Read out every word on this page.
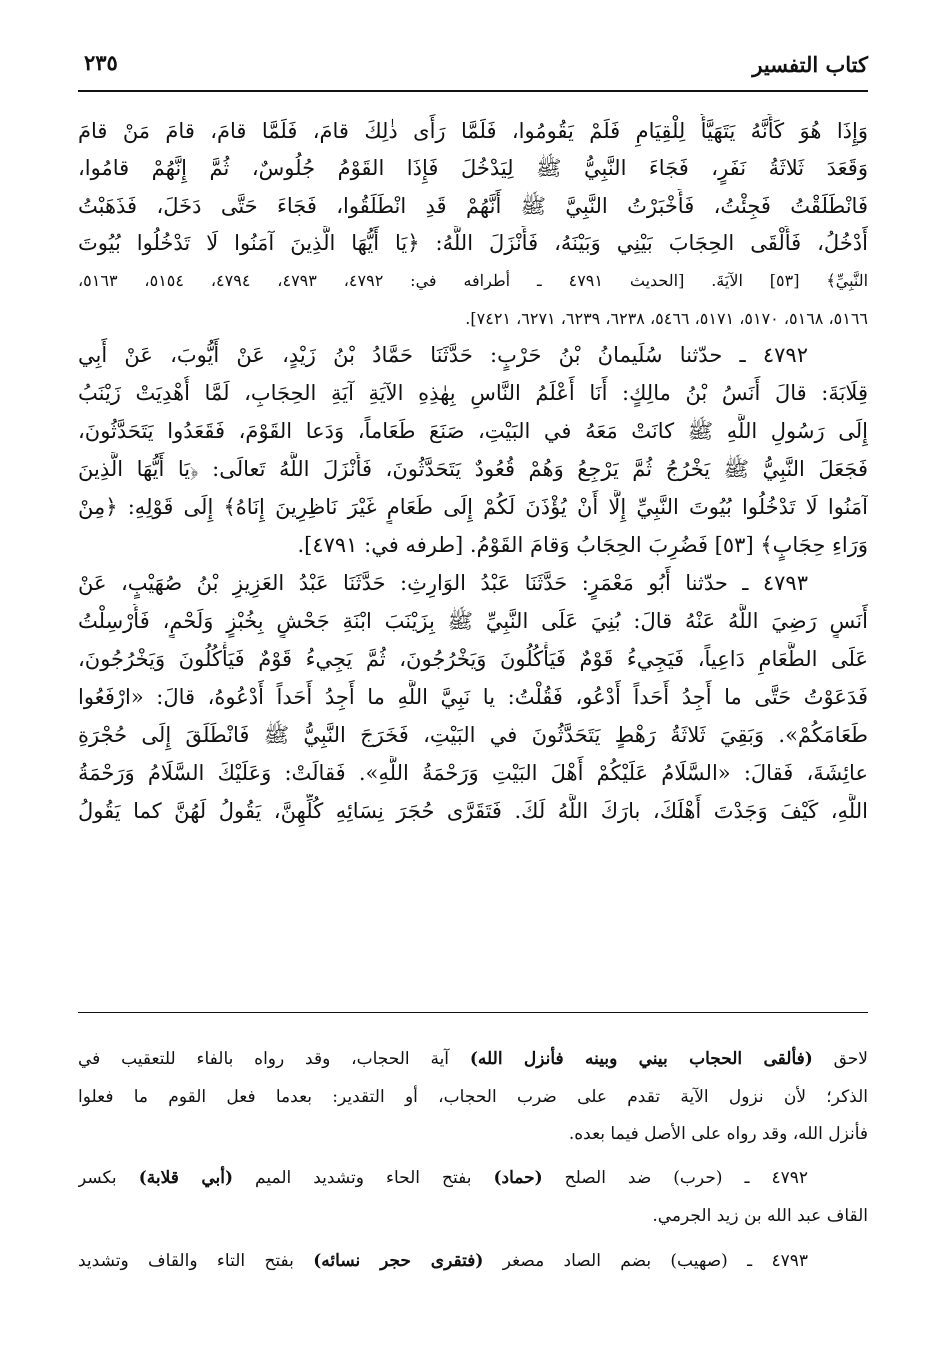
كتاب التفسير
٢٣٥
وَإِذَا هُوَ كَأَنَّهُ يَتَهَيَّأُ لِلْقِيَامِ فَلَمْ يَقُومُوا، فَلَمَّا رَأَى ذٰلِكَ قامَ، فَلَمَّا قامَ، قامَ مَنْ قامَ
وَقَعَدَ ثَلاثَةُ نَفَرٍ، فَجَاءَ النَّبِيُّ ﷺ لِيَدْخُلَ فَإِذَا القَوْمُ جُلُوسٌ، ثُمَّ إِنَّهُمْ قامُوا،
فَانْطَلَقْتُ فَجِئْتُ، فَأَخْبَرْتُ النَّبِيَّ ﷺ أَنَّهُمْ قَدِ انْطَلَقُوا، فَجَاءَ حَتَّى دَخَلَ، فَذَهَبْتُ
أَدْخُلُ، فَأَلْقَى الحِجَابَ بَيْنِي وَبَيْنَهُ، فَأَنْزَلَ اللَّهُ: ﴿يَا أَيُّهَا الَّذِينَ آمَنُوا لَا تَدْخُلُوا بُيُوتَ
النَّبِيِّ﴾ [٥٣] الآيَةَ. [الحديث ٤٧٩١ ـ أطرافه في: ٤٧٩٢، ٤٧٩٣، ٤٧٩٤، ٥١٥٤، ٥١٦٣،
٥١٦٦، ٥١٦٨، ٥١٧٠، ٥١٧١، ٥٤٦٦، ٦٢٣٨، ٦٢٣٩، ٦٢٧١، ٧٤٢١].
٤٧٩٢ ـ حدّثنا سُلَيمانُ بْنُ حَرْبٍ: حَدَّثَنَا حَمَّادُ بْنُ زَيْدٍ، عَنْ أَيُّوبَ، عَنْ أَبِي
قِلَابَةَ: قالَ أَنَسُ بْنُ مالِكٍ: أَنَا أَعْلَمُ النَّاسِ بِهٰذِهِ الآيَةِ آيَةِ الحِجَابِ، لَمَّا أُهْدِيَتْ زَيْنَبُ
إِلَى رَسُولِ اللَّهِ ﷺ كانَتْ مَعَهُ في البَيْتِ، صَنَعَ طَعَاماً، وَدَعا القَوْمَ، فَقَعَدُوا يَتَحَدَّثُونَ،
فَجَعَلَ النَّبِيُّ ﷺ يَخْرُجُ ثُمَّ يَرْجِعُ وَهُمْ قُعُودٌ يَتَحَدَّثُونَ، فَأَنْزَلَ اللَّهُ تَعالَى: ﴿يَا أَيُّهَا الَّذِينَ
آمَنُوا لَا تَدْخُلُوا بُيُوتَ النَّبِيِّ إِلَّا أَنْ يُؤْذَنَ لَكُمْ إِلَى طَعَامٍ غَيْرَ نَاظِرِينَ إِنَاهُ﴾ إِلَى قَوْلِهِ: ﴿مِنْ
وَرَاءِ حِجَابٍ﴾ [٥٣] فَضُرِبَ الحِجَابُ وَقامَ القَوْمُ. [طرفه في: ٤٧٩١].
٤٧٩٣ ـ حدّثنا أَبُو مَعْمَرٍ: حَدَّثَنَا عَبْدُ الوَارِثِ: حَدَّثَنَا عَبْدُ العَزِيزِ بْنُ صُهَيْبٍ، عَنْ
أَنَسٍ رَضِيَ اللَّهُ عَنْهُ قالَ: بُنِيَ عَلَى النَّبِيِّ ﷺ بِزَيْنَبَ ابْنَةِ جَحْشٍ بِخُبْزٍ وَلَحْمٍ، فَأُرْسِلْتُ
عَلَى الطَّعَامِ دَاعِياً، فَيَجِيءُ قَوْمٌ فَيَأْكُلُونَ وَيَخْرُجُونَ، ثُمَّ يَجِيءُ قَوْمٌ فَيَأْكُلُونَ وَيَخْرُجُونَ،
فَدَعَوْتُ حَتَّى ما أَجِدُ أَحَداً أَدْعُو، فَقُلْتُ: يا نَبِيَّ اللَّهِ ما أَجِدُ أَحَداً أَدْعُوهُ، قالَ: «ارْفَعُوا
طَعَامَكُمْ». وَبَقِيَ ثَلاثَةُ رَهْطٍ يَتَحَدَّثُونَ في البَيْتِ، فَخَرَجَ النَّبِيُّ ﷺ فَانْطَلَقَ إِلَى حُجْرَةِ
عائِشَةَ، فَقالَ: «السَّلَامُ عَلَيْكُمْ أَهْلَ البَيْتِ وَرَحْمَةُ اللَّهِ». فَقالَتْ: وَعَلَيْكَ السَّلَامُ وَرَحْمَةُ
اللَّهِ، كَيْفَ وَجَدْتَ أَهْلَكَ، بارَكَ اللَّهُ لَكَ. فَتَقَرَّى حُجَرَ نِسَائِهِ كُلِّهِنَّ، يَقُولُ لَهُنَّ كما يَقُولُ
لاحق (فألقى الحجاب بيني وبينه فأنزل الله) آية الحجاب، وقد رواه بالفاء للتعقيب في
الذكر؛ لأن نزول الآية تقدم على ضرب الحجاب، أو التقدير: بعدما فعل القوم ما فعلوا
فأنزل الله، وقد رواه على الأصل فيما بعده.
٤٧٩٢ ـ (حرب) ضد الصلح (حماد) بفتح الحاء وتشديد الميم (أبي قلابة) بكسر
القاف عبد الله بن زيد الجرمي.
٤٧٩٣ ـ (صهيب) بضم الصاد مصغر (فتقرى حجر نسائه) بفتح التاء والقاف وتشديد
